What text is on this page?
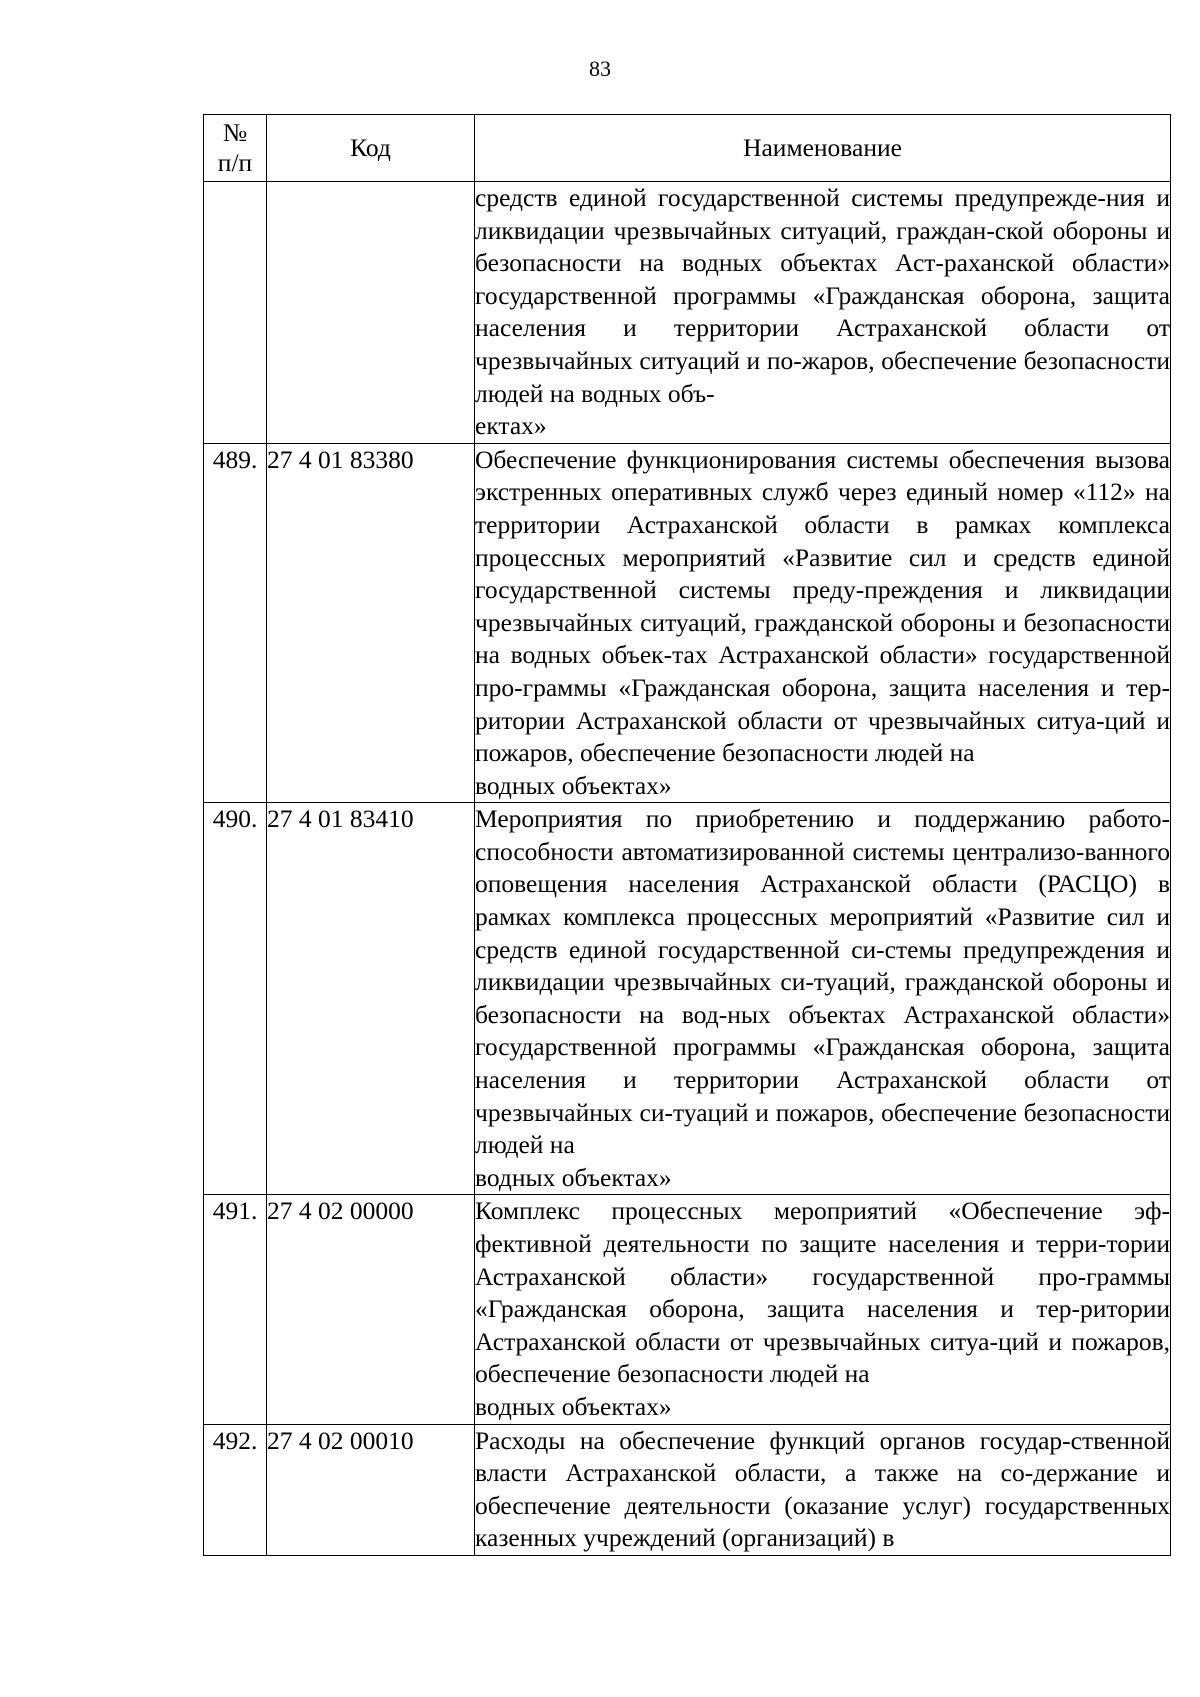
83
№
п/п	Код	Наименование

		средств единой государственной системы предупрежде-ния и ликвидации чрезвычайных ситуаций, граждан-ской обороны и безопасности на водных объектах Аст-раханской области» государственной программы «Гражданская оборона, защита населения и территории Астраханской области от чрезвычайных ситуаций и по-жаров, обеспечение безопасности людей на водных объ-
ектах»

489.	27 4 01 83380	Обеспечение функционирования системы обеспечения вызова экстренных оперативных служб через единый номер «112» на территории Астраханской области в рамках комплекса процессных мероприятий «Развитие сил и средств единой государственной системы преду-преждения и ликвидации чрезвычайных ситуаций, гражданской обороны и безопасности на водных объек-тах Астраханской области» государственной про-граммы «Гражданская оборона, защита населения и тер-ритории Астраханской области от чрезвычайных ситуа-ций и пожаров, обеспечение безопасности людей на
водных объектах»

490.	27 4 01 83410	Мероприятия по приобретению и поддержанию работо-способности автоматизированной системы централизо-ванного оповещения населения Астраханской области (РАСЦО) в рамках комплекса процессных мероприятий «Развитие сил и средств единой государственной си-стемы предупреждения и ликвидации чрезвычайных си-туаций, гражданской обороны и безопасности на вод-ных объектах Астраханской области» государственной программы «Гражданская оборона, защита населения и территории Астраханской области от чрезвычайных си-туаций и пожаров, обеспечение безопасности людей на
водных объектах»

491.	27 4 02 00000	Комплекс процессных мероприятий «Обеспечение эф-фективной деятельности по защите населения и терри-тории Астраханской области» государственной про-граммы «Гражданская оборона, защита населения и тер-ритории Астраханской области от чрезвычайных ситуа-ций и пожаров, обеспечение безопасности людей на
водных объектах»

492.	27 4 02 00010	Расходы на обеспечение функций органов государ-ственной власти Астраханской области, а также на со-держание и обеспечение деятельности (оказание услуг) государственных казенных учреждений (организаций) в
